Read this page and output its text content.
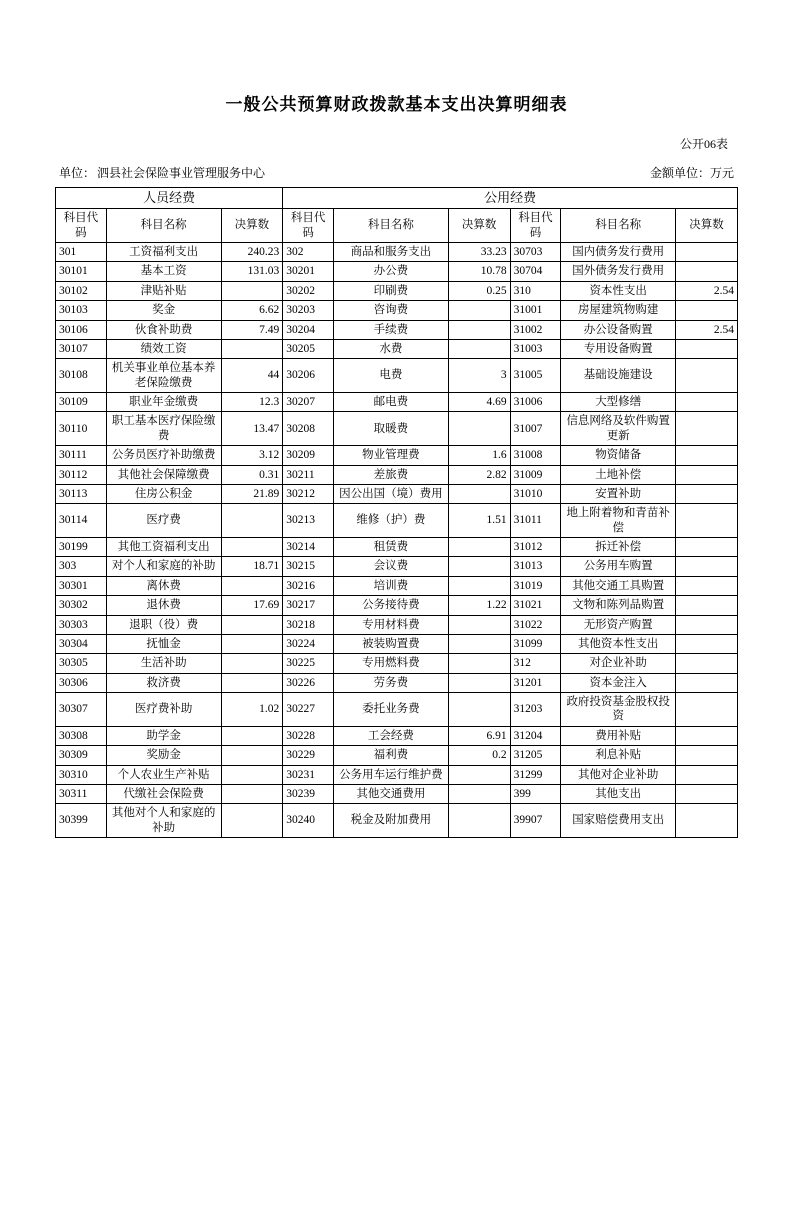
一般公共预算财政拨款基本支出决算明细表
公开06表
单位： 泗县社会保险事业管理服务中心	金额单位：万元
人员经费			公用经费					
科目代码	科目名称	决算数	科目代码	科目名称	决算数	科目代码	科目名称	决算数
301	工资福利支出	240.23	302	商品和服务支出	33.23	30703	国内债务发行费用	
30101	基本工资	131.03	30201	办公费	10.78	30704	国外债务发行费用	
30102	津贴补贴		30202	印刷费	0.25	310	资本性支出	2.54
30103	奖金	6.62	30203	咨询费		31001	房屋建筑物购建	
30106	伙食补助费	7.49	30204	手续费		31002	办公设备购置	2.54
30107	绩效工资		30205	水费		31003	专用设备购置	
30108	机关事业单位基本养老保险缴费	44	30206	电费	3	31005	基础设施建设	
30109	职业年金缴费	12.3	30207	邮电费	4.69	31006	大型修缮	
30110	职工基本医疗保险缴费	13.47	30208	取暖费		31007	信息网络及软件购置更新	
30111	公务员医疗补助缴费	3.12	30209	物业管理费	1.6	31008	物资储备	
30112	其他社会保障缴费	0.31	30211	差旅费	2.82	31009	土地补偿	
30113	住房公积金	21.89	30212	因公出国（境）费用		31010	安置补助	
30114	医疗费		30213	维修（护）费	1.51	31011	地上附着物和青苗补偿	
30199	其他工资福利支出		30214	租赁费		31012	拆迁补偿	
303	对个人和家庭的补助	18.71	30215	会议费		31013	公务用车购置	
30301	离休费		30216	培训费		31019	其他交通工具购置	
30302	退休费	17.69	30217	公务接待费	1.22	31021	文物和陈列品购置	
30303	退职（役）费		30218	专用材料费		31022	无形资产购置	
30304	抚恤金		30224	被装购置费		31099	其他资本性支出	
30305	生活补助		30225	专用燃料费		312	对企业补助	
30306	救济费		30226	劳务费		31201	资本金注入	
30307	医疗费补助	1.02	30227	委托业务费		31203	政府投资基金股权投资	
30308	助学金		30228	工会经费	6.91	31204	费用补贴	
30309	奖励金		30229	福利费	0.2	31205	利息补贴	
30310	个人农业生产补贴		30231	公务用车运行维护费		31299	其他对企业补助	
30311	代缴社会保险费		30239	其他交通费用		399	其他支出	
30399	其他对个人和家庭的补助		30240	税金及附加费用		39907	国家赔偿费用支出	
